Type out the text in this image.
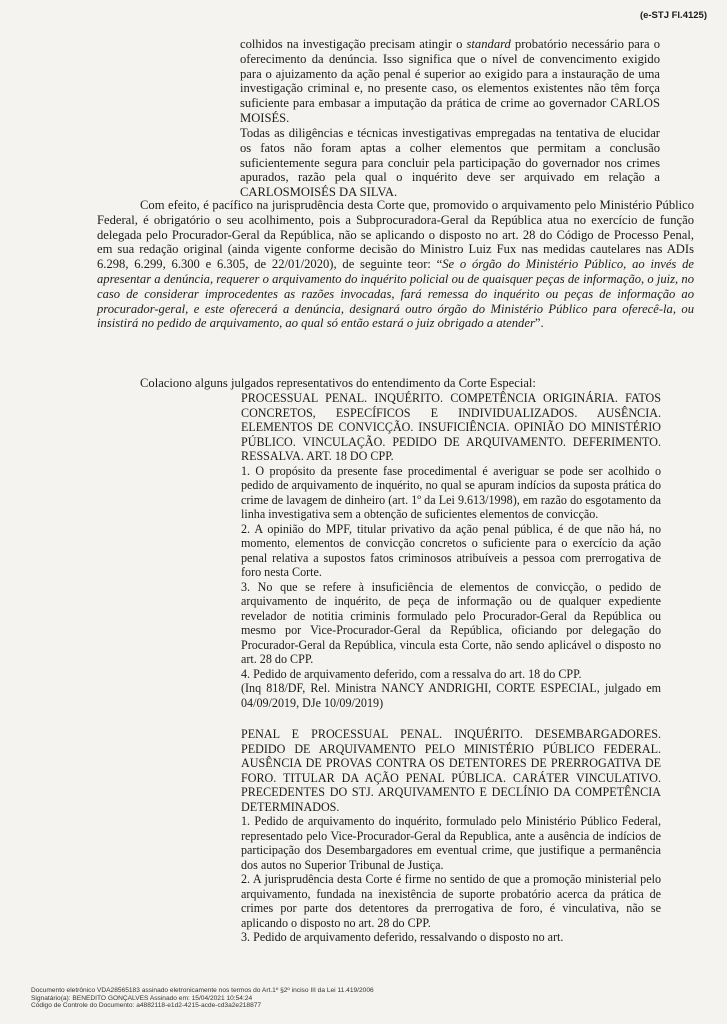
(e-STJ Fl.4125)
colhidos na investigação precisam atingir o standard probatório necessário para o oferecimento da denúncia. Isso significa que o nível de convencimento exigido para o ajuizamento da ação penal é superior ao exigido para a instauração de uma investigação criminal e, no presente caso, os elementos existentes não têm força suficiente para embasar a imputação da prática de crime ao governador CARLOS MOISÉS.
Todas as diligências e técnicas investigativas empregadas na tentativa de elucidar os fatos não foram aptas a colher elementos que permitam a conclusão suficientemente segura para concluir pela participação do governador nos crimes apurados, razão pela qual o inquérito deve ser arquivado em relação a CARLOSMOISÉS DA SILVA.
Com efeito, é pacífico na jurisprudência desta Corte que, promovido o arquivamento pelo Ministério Público Federal, é obrigatório o seu acolhimento, pois a Subprocuradora-Geral da República atua no exercício de função delegada pelo Procurador-Geral da República, não se aplicando o disposto no art. 28 do Código de Processo Penal, em sua redação original (ainda vigente conforme decisão do Ministro Luiz Fux nas medidas cautelares nas ADIs 6.298, 6.299, 6.300 e 6.305, de 22/01/2020), de seguinte teor: “Se o órgão do Ministério Público, ao invés de apresentar a denúncia, requerer o arquivamento do inquérito policial ou de quaisquer peças de informação, o juiz, no caso de considerar improcedentes as razões invocadas, fará remessa do inquérito ou peças de informação ao procurador-geral, e este oferecerá a denúncia, designará outro órgão do Ministério Público para oferecê-la, ou insistirá no pedido de arquivamento, ao qual só então estará o juiz obrigado a atender”.
Colaciono alguns julgados representativos do entendimento da Corte Especial:

PROCESSUAL PENAL. INQUÉRITO. COMPETÊNCIA ORIGINÁRIA. FATOS CONCRETOS, ESPECÍFICOS E INDIVIDUALIZADOS. AUSÊNCIA. ELEMENTOS DE CONVICÇÃO. INSUFICIÊNCIA. OPINIÃO DO MINISTÉRIO PÚBLICO. VINCULAÇÃO. PEDIDO DE ARQUIVAMENTO. DEFERIMENTO. RESSALVA. ART. 18 DO CPP.

1. O propósito da presente fase procedimental é averiguar se pode ser acolhido o pedido de arquivamento de inquérito, no qual se apuram indícios da suposta prática do crime de lavagem de dinheiro (art. 1º da Lei 9.613/1998), em razão do esgotamento da linha investigativa sem a obtenção de suficientes elementos de convicção.

2. A opinião do MPF, titular privativo da ação penal pública, é de que não há, no momento, elementos de convicção concretos o suficiente para o exercício da ação penal relativa a supostos fatos criminosos atribuíveis a pessoa com prerrogativa de foro nesta Corte.

3. No que se refere à insuficiência de elementos de convicção, o pedido de arquivamento de inquérito, de peça de informação ou de qualquer expediente revelador de notitia criminis formulado pelo Procurador-Geral da República ou mesmo por Vice-Procurador-Geral da República, oficiando por delegação do Procurador-Geral da República, vincula esta Corte, não sendo aplicável o disposto no art. 28 do CPP.

4. Pedido de arquivamento deferido, com a ressalva do art. 18 do CPP.

(Inq 818/DF, Rel. Ministra NANCY ANDRIGHI, CORTE ESPECIAL, julgado em 04/09/2019, DJe 10/09/2019)

PENAL E PROCESSUAL PENAL. INQUÉRITO. DESEMBARGADORES. PEDIDO DE ARQUIVAMENTO PELO MINISTÉRIO PÚBLICO FEDERAL. AUSÊNCIA DE PROVAS CONTRA OS DETENTORES DE PRERROGATIVA DE FORO. TITULAR DA AÇÃO PENAL PÚBLICA. CARÁTER VINCULATIVO. PRECEDENTES DO STJ. ARQUIVAMENTO E DECLÍNIO DA COMPETÊNCIA DETERMINADOS.

1. Pedido de arquivamento do inquérito, formulado pelo Ministério Público Federal, representado pelo Vice-Procurador-Geral da Republica, ante a ausência de indícios de participação dos Desembargadores em eventual crime, que justifique a permanência dos autos no Superior Tribunal de Justiça.

2. A jurisprudência desta Corte é firme no sentido de que a promoção ministerial pelo arquivamento, fundada na inexistência de suporte probatório acerca da prática de crimes por parte dos detentores da prerrogativa de foro, é vinculativa, não se aplicando o disposto no art. 28 do CPP.

3. Pedido de arquivamento deferido, ressalvando o disposto no art.

Documento eletrônico VDA28565183 assinado eletronicamente nos termos do Art.1º §2º inciso III da Lei 11.419/2006
Signatário(a): BENEDITO GONÇALVES Assinado em: 15/04/2021 10:54:24
Código de Controle do Documento: a4882118-e1d2-4215-acde-cd3a2e218877
